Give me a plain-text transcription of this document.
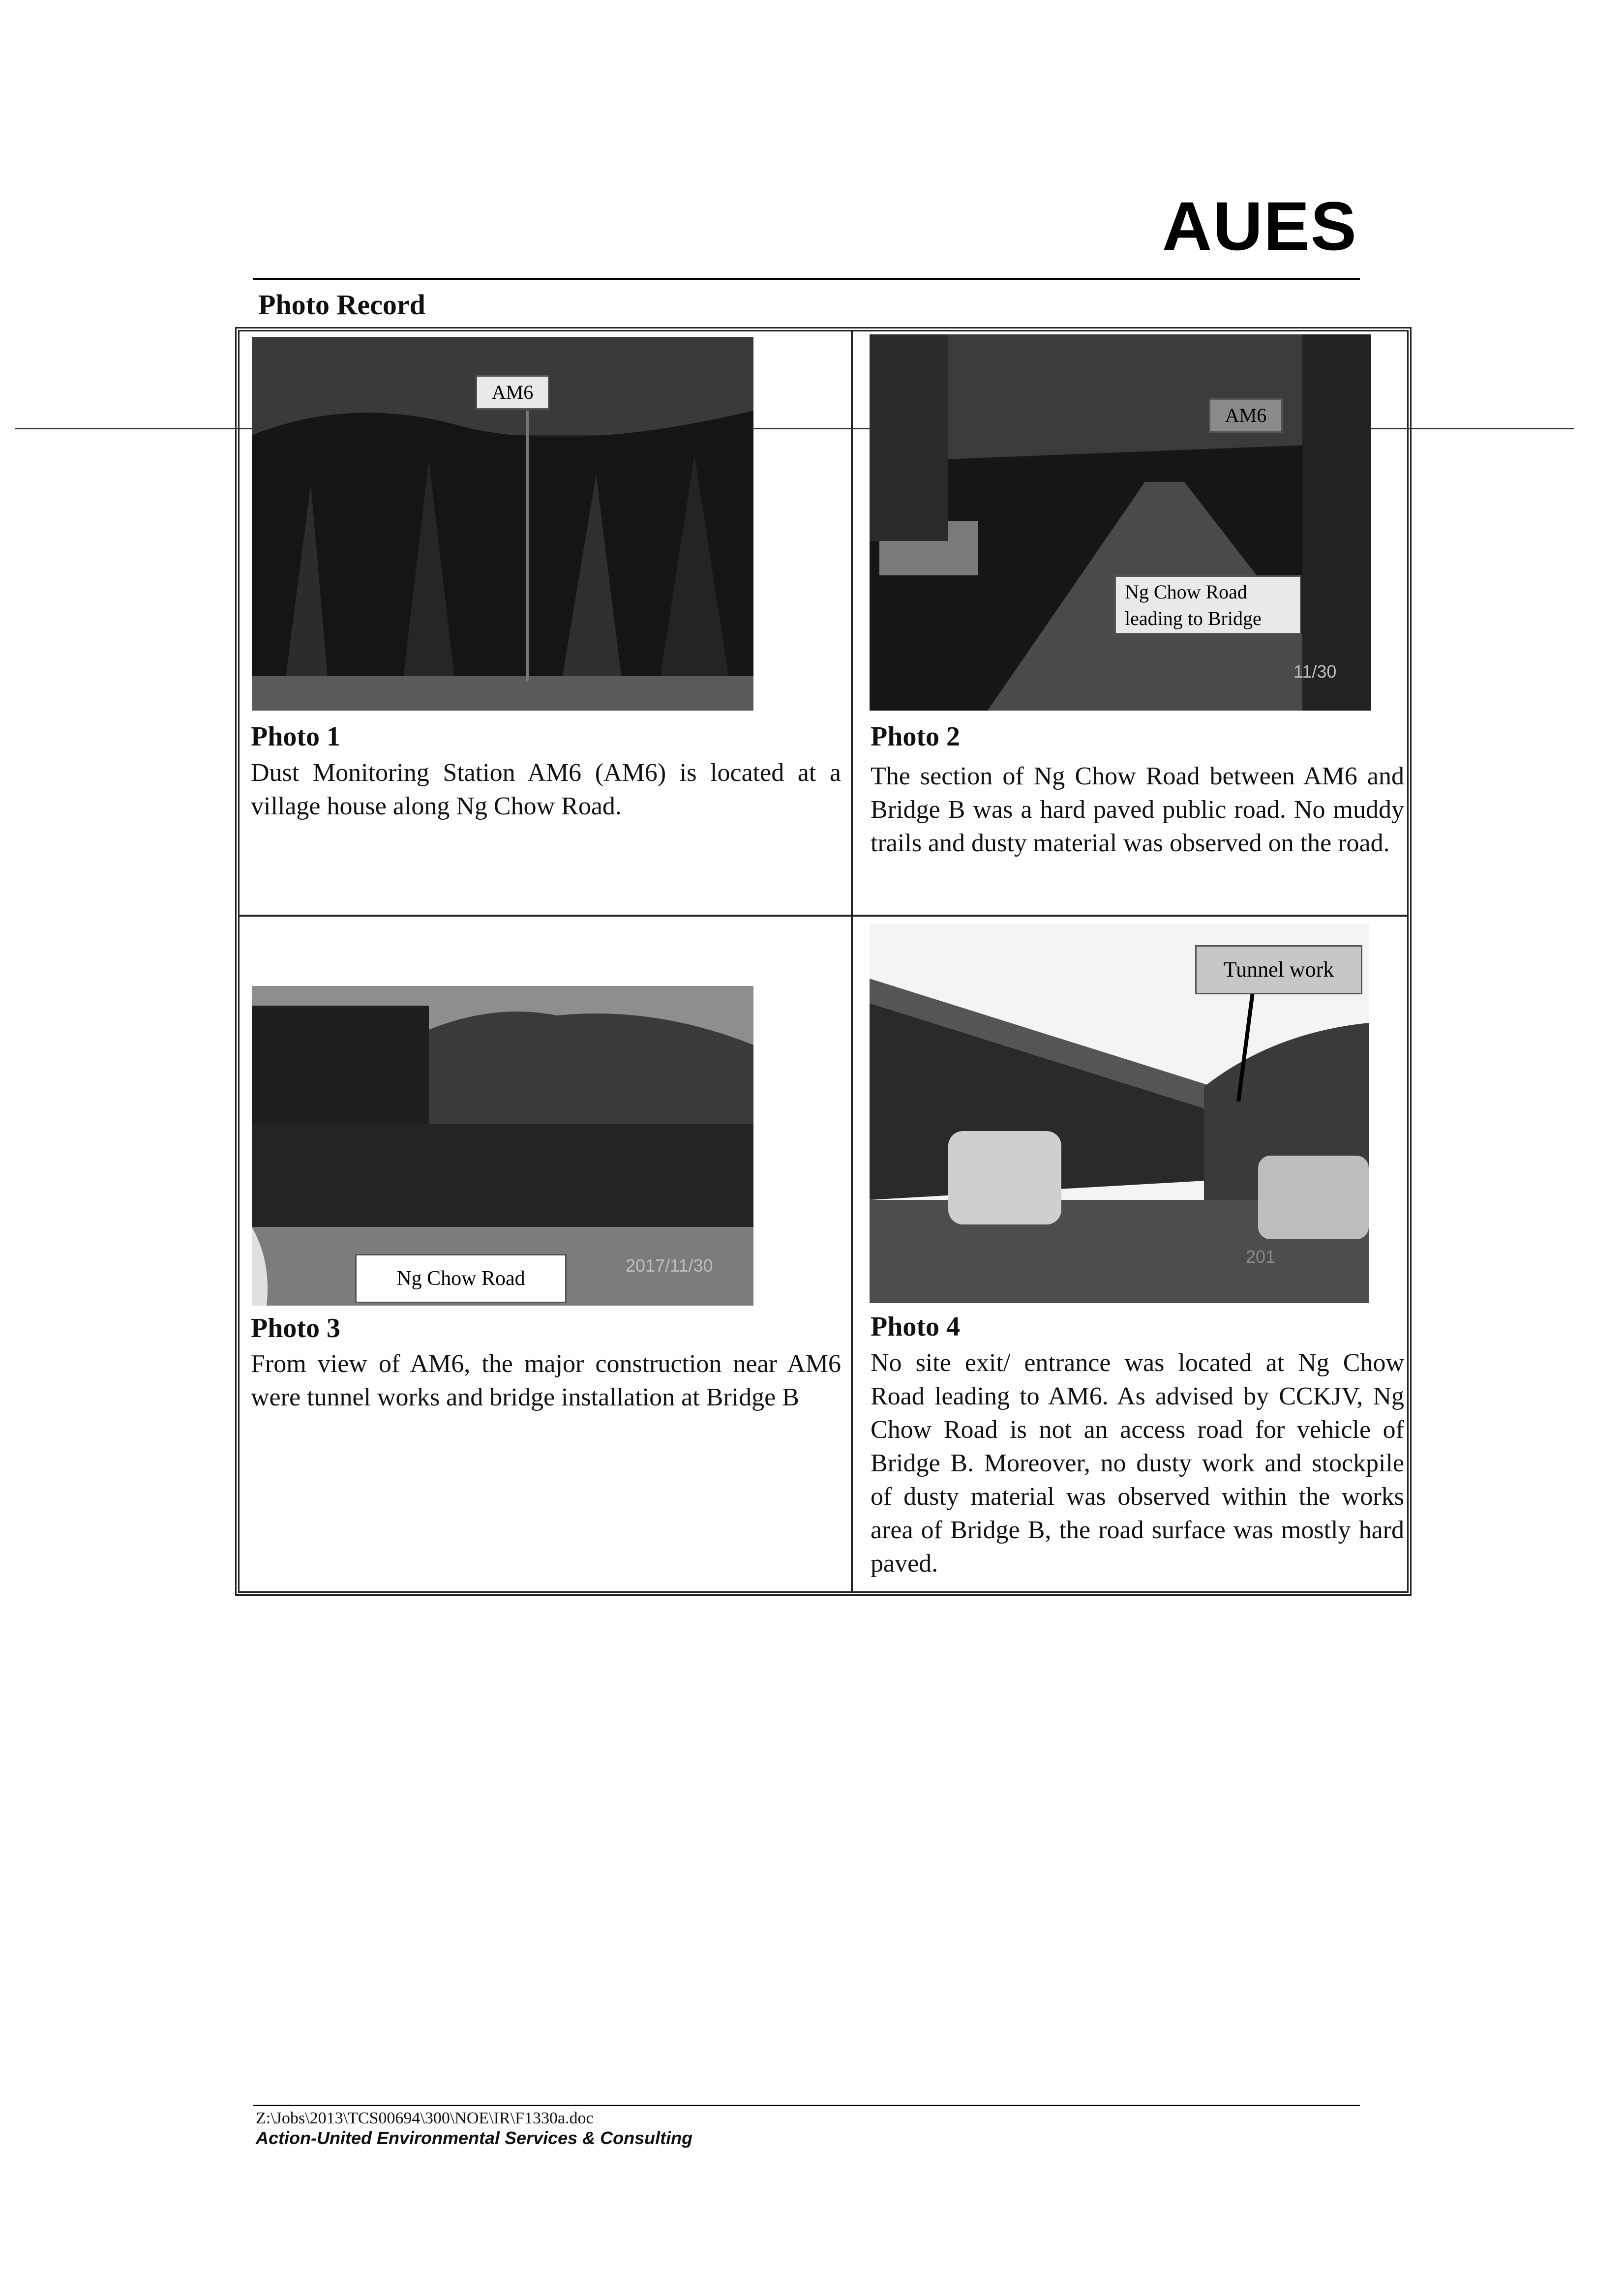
AUES
Photo Record
AM6
Photo 1
Dust Monitoring Station AM6 (AM6) is located at a village house along Ng Chow Road.
AM6
Ng Chow Road leading to Bridge
11/30
Photo 2
The section of Ng Chow Road between AM6 and Bridge B was a hard paved public road. No muddy trails and dusty material was observed on the road.
Ng Chow Road
2017/11/30
Photo 3
From view of AM6, the major construction near AM6 were tunnel works and bridge installation at Bridge B
Tunnel work
201
Photo 4
No site exit/ entrance was located at Ng Chow Road leading to AM6. As advised by CCKJV, Ng Chow Road is not an access road for vehicle of Bridge B. Moreover, no dusty work and stockpile of dusty material was observed within the works area of Bridge B, the road surface was mostly hard paved.
Z:\Jobs\2013\TCS00694\300\NOE\IR\F1330a.doc
Action-United Environmental Services & Consulting
